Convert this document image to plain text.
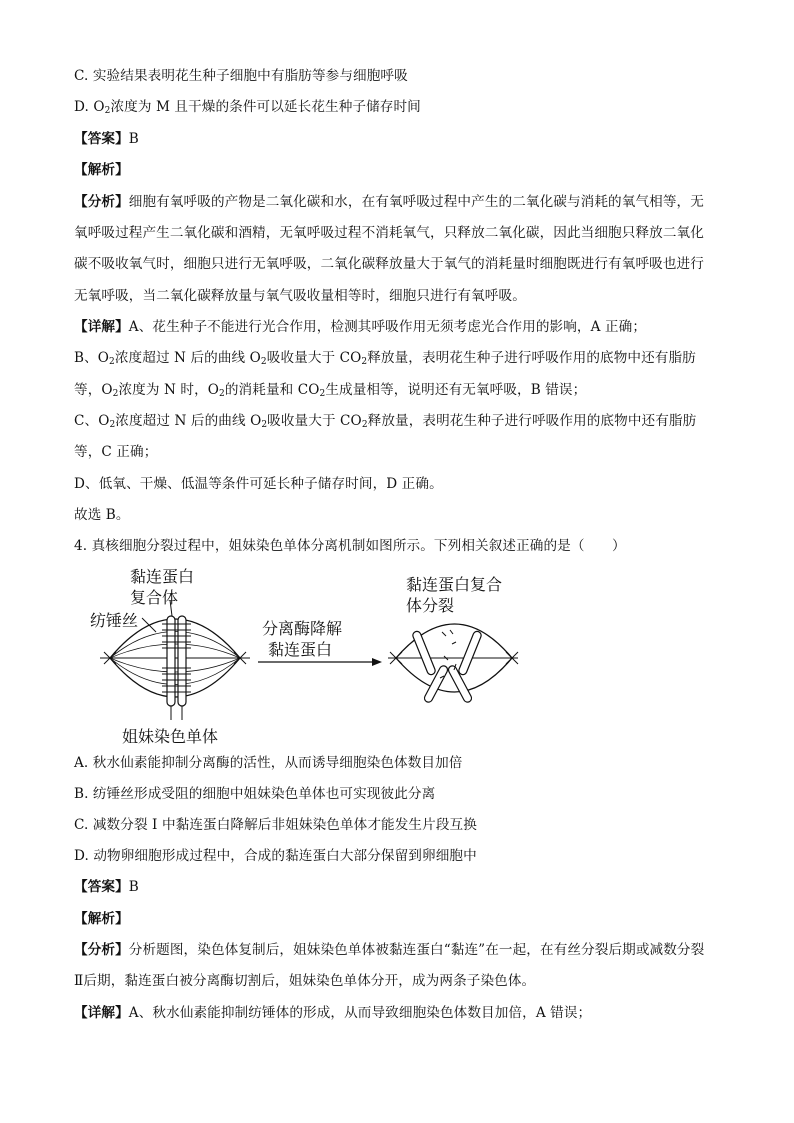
C. 实验结果表明花生种子细胞中有脂肪等参与细胞呼吸
D. $O_2$浓度为 M 且干燥的条件可以延长花生种子储存时间
【答案】B
【解析】
【分析】细胞有氧呼吸的产物是二氧化碳和水，在有氧呼吸过程中产生的二氧化碳与消耗的氧气相等，无
氧呼吸过程产生二氧化碳和酒精，无氧呼吸过程不消耗氧气，只释放二氧化碳，因此当细胞只释放二氧化
碳不吸收氧气时，细胞只进行无氧呼吸，二氧化碳释放量大于氧气的消耗量时细胞既进行有氧呼吸也进行
无氧呼吸，当二氧化碳释放量与氧气吸收量相等时，细胞只进行有氧呼吸。
【详解】A、花生种子不能进行光合作用，检测其呼吸作用无须考虑光合作用的影响，A 正确；
B、$O_2$浓度超过 N 后的曲线 $O_2$吸收量大于 $CO_2$释放量，表明花生种子进行呼吸作用的底物中还有脂肪
等，$O_2$浓度为 N 时，$O_2$的消耗量和 $CO_2$生成量相等，说明还有无氧呼吸，B 错误；
C、$O_2$浓度超过 N 后的曲线 $O_2$吸收量大于 $CO_2$释放量，表明花生种子进行呼吸作用的底物中还有脂肪
等，C 正确；
D、低氧、干燥、低温等条件可延长种子储存时间，D 正确。
故选 B。
4. 真核细胞分裂过程中，姐妹染色单体分离机制如图所示。下列相关叙述正确的是（　　）
黏连蛋白
复合体
纺锤丝
姐妹染色单体
分离酶降解
黏连蛋白
黏连蛋白复合
体分裂
A. 秋水仙素能抑制分离酶的活性，从而诱导细胞染色体数目加倍
B. 纺锤丝形成受阻的细胞中姐妹染色单体也可实现彼此分离
C. 减数分裂 I 中黏连蛋白降解后非姐妹染色单体才能发生片段互换
D. 动物卵细胞形成过程中，合成的黏连蛋白大部分保留到卵细胞中
【答案】B
【解析】
【分析】分析题图，染色体复制后，姐妹染色单体被黏连蛋白“黏连”在一起，在有丝分裂后期或减数分裂
Ⅱ后期，黏连蛋白被分离酶切割后，姐妹染色单体分开，成为两条子染色体。
【详解】A、秋水仙素能抑制纺锤体的形成，从而导致细胞染色体数目加倍，A 错误；
